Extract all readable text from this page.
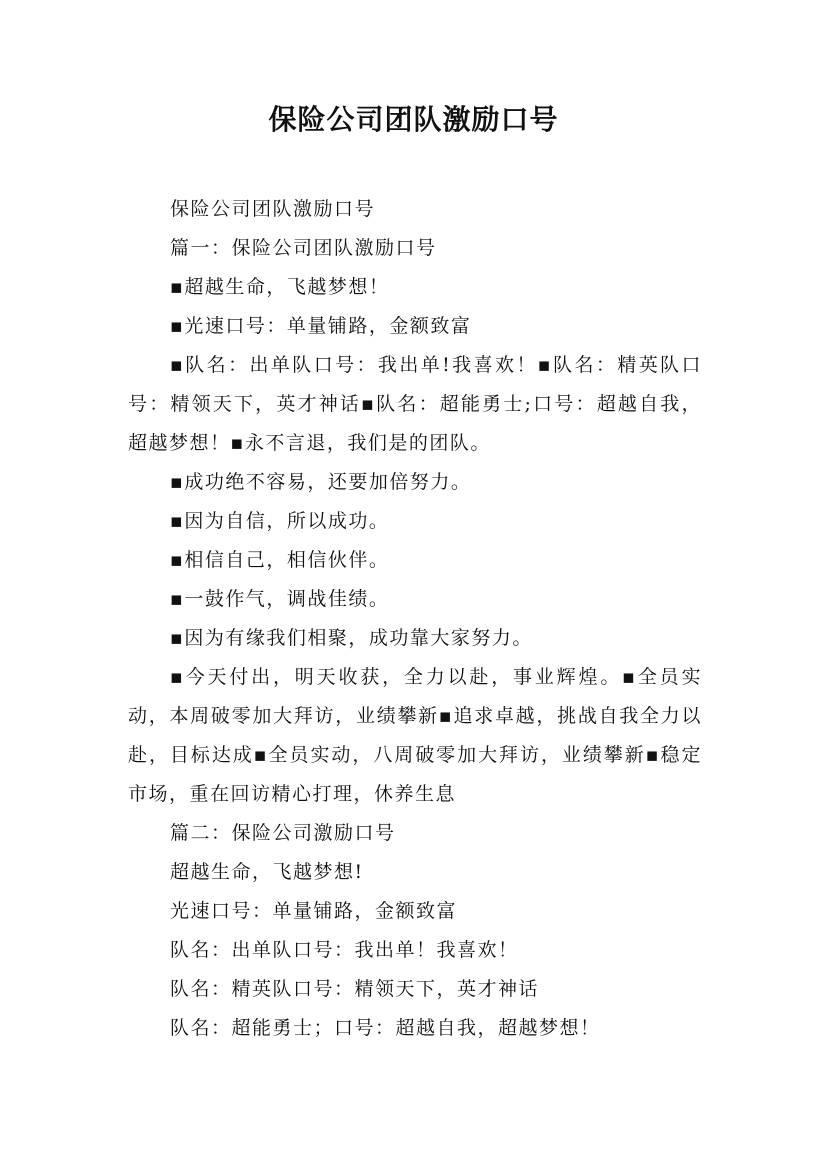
保险公司团队激励口号

保险公司团队激励口号

篇一：保险公司团队激励口号

▪超越生命，飞越梦想！

▪光速口号：单量铺路，金额致富

▪队名：出单队口号：我出单!我喜欢！▪队名：精英队口号：精领天下，英才神话▪队名：超能勇士;口号：超越自我，超越梦想！▪永不言退，我们是的团队。

▪成功绝不容易，还要加倍努力。

▪因为自信，所以成功。

▪相信自己，相信伙伴。

▪一鼓作气，调战佳绩。

▪因为有缘我们相聚，成功靠大家努力。

▪今天付出，明天收获，全力以赴，事业辉煌。▪全员实动，本周破零加大拜访，业绩攀新▪追求卓越，挑战自我全力以赴，目标达成▪全员实动，八周破零加大拜访，业绩攀新▪稳定市场，重在回访精心打理，休养生息

篇二：保险公司激励口号

超越生命，飞越梦想!

光速口号：单量铺路，金额致富

队名：出单队口号：我出单！我喜欢！

队名：精英队口号：精领天下，英才神话

队名：超能勇士；口号：超越自我，超越梦想！
